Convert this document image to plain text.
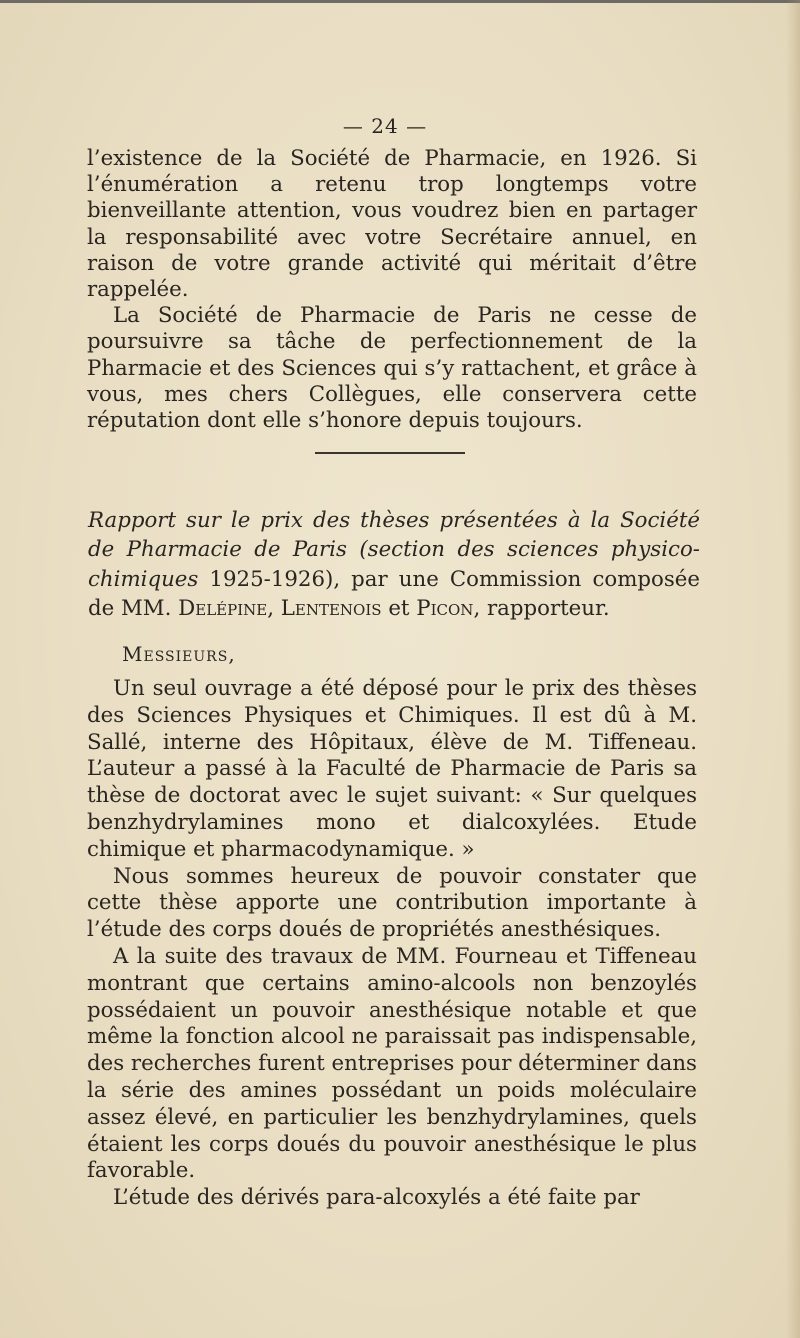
— 24 —

l’existence de la Société de Pharmacie, en 1926. Si l’énumération a retenu trop longtemps votre bienveillante attention, vous voudrez bien en partager la responsabilité avec votre Secrétaire annuel, en raison de votre grande activité qui méritait d’être rappelée.

La Société de Pharmacie de Paris ne cesse de poursuivre sa tâche de perfectionnement de la Pharmacie et des Sciences qui s’y rattachent, et grâce à vous, mes chers Collègues, elle conservera cette réputation dont elle s’honore depuis toujours.

Rapport sur le prix des thèses présentées à la Société de Pharmacie de Paris (section des sciences physico-chimiques 1925-1926), par une Commission composée de MM. Delépine, Lentenois et Picon, rapporteur.
Messieurs,

Un seul ouvrage a été déposé pour le prix des thèses des Sciences Physiques et Chimiques. Il est dû à M. Sallé, interne des Hôpitaux, élève de M. Tiffeneau. L’auteur a passé à la Faculté de Pharmacie de Paris sa thèse de doctorat avec le sujet suivant: « Sur quelques benzhydrylamines mono et dialcoxylées. Etude chimique et pharmacodynamique. »

Nous sommes heureux de pouvoir constater que cette thèse apporte une contribution importante à l’étude des corps doués de propriétés anesthésiques.

A la suite des travaux de MM. Fourneau et Tiffeneau montrant que certains amino-alcools non benzoylés possédaient un pouvoir anesthésique notable et que même la fonction alcool ne paraissait pas indispensable, des recherches furent entreprises pour déterminer dans la série des amines possédant un poids moléculaire assez élevé, en particulier les benzhydrylamines, quels étaient les corps doués du pouvoir anesthésique le plus favorable.

L’étude des dérivés para-alcoxylés a été faite par
